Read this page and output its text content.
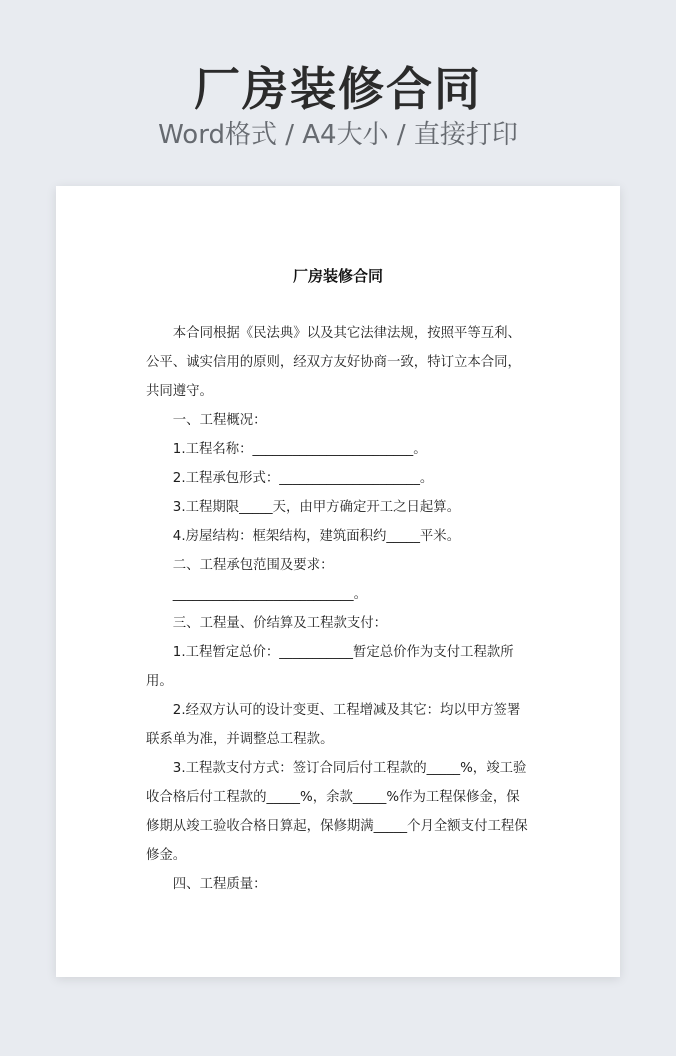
厂房装修合同
Word格式 / A4大小 / 直接打印
厂房装修合同

本合同根据《民法典》以及其它法律法规，按照平等互利、公平、诚实信用的原则，经双方友好协商一致，特订立本合同，共同遵守。

一、工程概况：

1.工程名称：________________________。

2.工程承包形式：_____________________。

3.工程期限_____天，由甲方确定开工之日起算。

4.房屋结构：框架结构，建筑面积约_____平米。

二、工程承包范围及要求：

___________________________。

三、工程量、价结算及工程款支付：

1.工程暂定总价：___________暂定总价作为支付工程款所用。

2.经双方认可的设计变更、工程增减及其它：均以甲方签署联系单为准，并调整总工程款。

3.工程款支付方式：签订合同后付工程款的_____%，竣工验收合格后付工程款的_____%，余款_____%作为工程保修金，保修期从竣工验收合格日算起，保修期满_____个月全额支付工程保修金。

四、工程质量：
